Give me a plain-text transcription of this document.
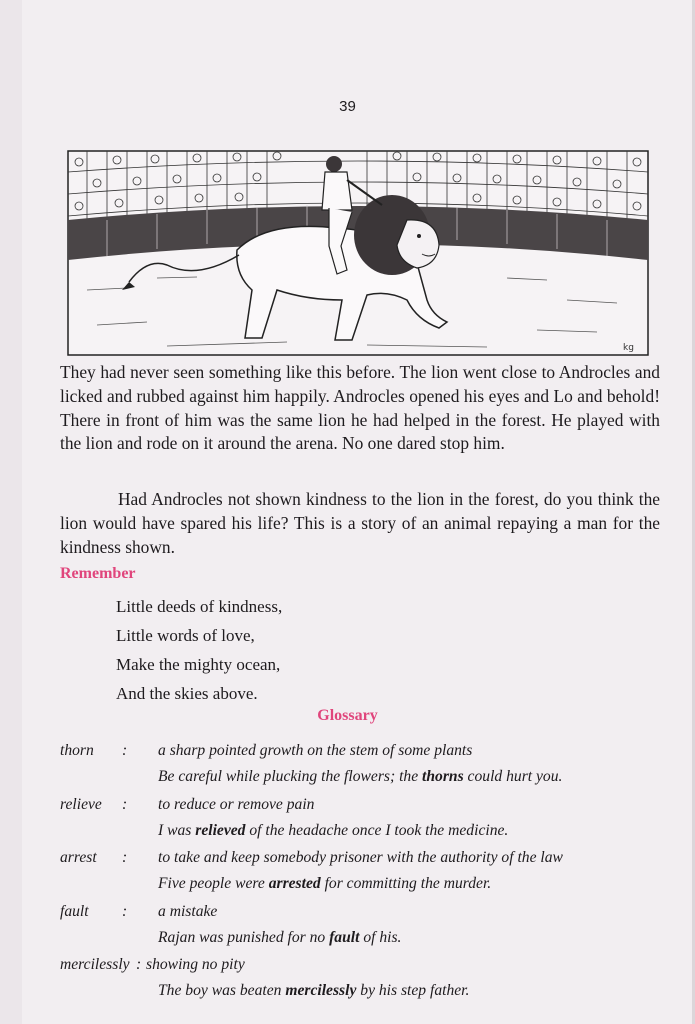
39
kg

They had never seen something like this before. The lion went close to Androcles and licked and rubbed against him happily. Androcles opened his eyes and Lo and behold! There in front of him was the same lion he had helped in the forest. He played with the lion and rode on it around the arena. No one dared stop him.

Had Androcles not shown kindness to the lion in the forest, do you think the lion would have spared his life? This is a story of an animal repaying a man for the kindness shown.

Remember
Little deeds of kindness,
Little words of love,
Make the mighty ocean,
And the skies above.
Glossary
thorn : a sharp pointed growth on the stem of some plants
Be careful while plucking the flowers; the thorns could hurt you.
relieve : to reduce or remove pain
I was relieved of the headache once I took the medicine.
arrest : to take and keep somebody prisoner with the authority of the law
Five people were arrested for committing the murder.
fault : a mistake
Rajan was punished for no fault of his.
mercilessly : showing no pity
The boy was beaten mercilessly by his step father.
